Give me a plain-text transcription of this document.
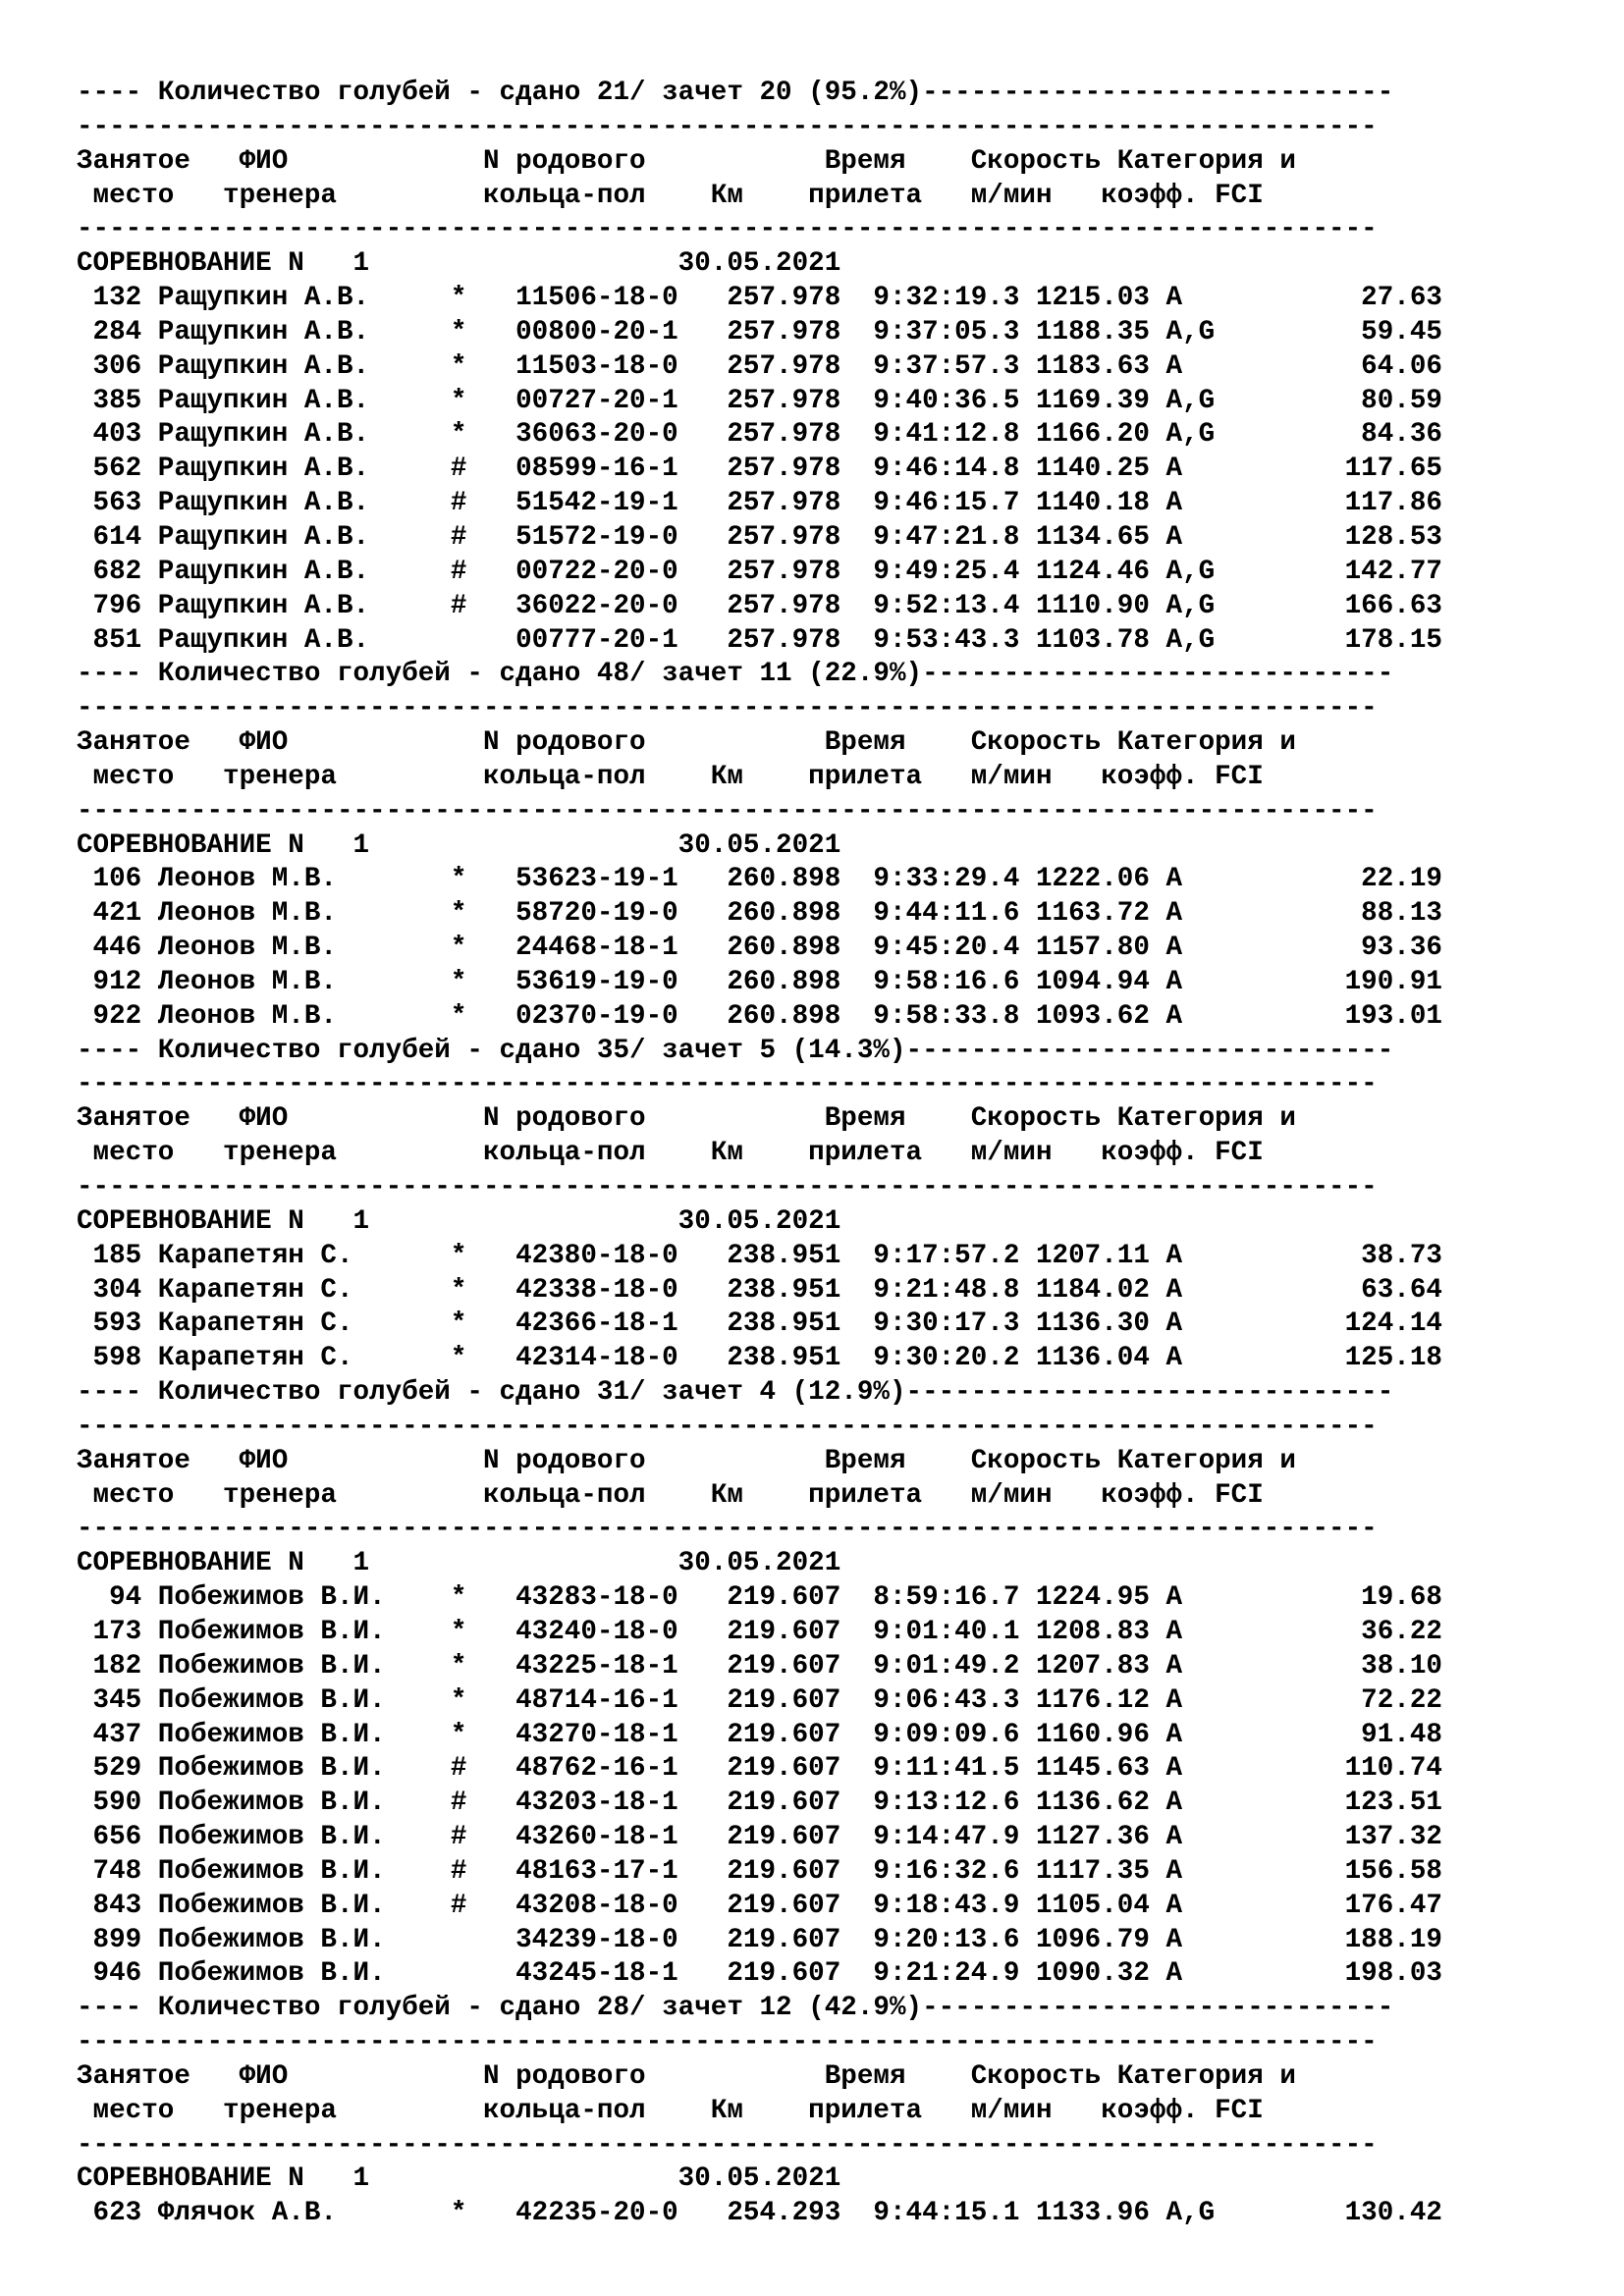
---- Количество голубей - сдано 21/ зачет 20 (95.2%)-----------------------------
--------------------------------------------------------------------------------
Занятое   ФИО            N родового           Время    Скорость Категория и
место   тренера         кольца-пол    Км    прилета   м/мин   коэфф. FCI
--------------------------------------------------------------------------------
СОРЕВНОВАНИЕ N   1                   30.05.2021
132 Ращупкин А.В.     *   11506-18-0   257.978  9:32:19.3 1215.03 A           27.63
284 Ращупкин А.В.     *   00800-20-1   257.978  9:37:05.3 1188.35 A,G         59.45
306 Ращупкин А.В.     *   11503-18-0   257.978  9:37:57.3 1183.63 A           64.06
385 Ращупкин А.В.     *   00727-20-1   257.978  9:40:36.5 1169.39 A,G         80.59
403 Ращупкин А.В.     *   36063-20-0   257.978  9:41:12.8 1166.20 A,G         84.36
562 Ращупкин А.В.     #   08599-16-1   257.978  9:46:14.8 1140.25 A          117.65
563 Ращупкин А.В.     #   51542-19-1   257.978  9:46:15.7 1140.18 A          117.86
614 Ращупкин А.В.     #   51572-19-0   257.978  9:47:21.8 1134.65 A          128.53
682 Ращупкин А.В.     #   00722-20-0   257.978  9:49:25.4 1124.46 A,G        142.77
796 Ращупкин А.В.     #   36022-20-0   257.978  9:52:13.4 1110.90 A,G        166.63
851 Ращупкин А.В.         00777-20-1   257.978  9:53:43.3 1103.78 A,G        178.15
---- Количество голубей - сдано 48/ зачет 11 (22.9%)-----------------------------
--------------------------------------------------------------------------------
Занятое   ФИО            N родового           Время    Скорость Категория и
место   тренера         кольца-пол    Км    прилета   м/мин   коэфф. FCI
--------------------------------------------------------------------------------
СОРЕВНОВАНИЕ N   1                   30.05.2021
106 Леонов М.В.       *   53623-19-1   260.898  9:33:29.4 1222.06 A           22.19
421 Леонов М.В.       *   58720-19-0   260.898  9:44:11.6 1163.72 A           88.13
446 Леонов М.В.       *   24468-18-1   260.898  9:45:20.4 1157.80 A           93.36
912 Леонов М.В.       *   53619-19-0   260.898  9:58:16.6 1094.94 A          190.91
922 Леонов М.В.       *   02370-19-0   260.898  9:58:33.8 1093.62 A          193.01
---- Количество голубей - сдано 35/ зачет 5 (14.3%)------------------------------
--------------------------------------------------------------------------------
Занятое   ФИО            N родового           Время    Скорость Категория и
место   тренера         кольца-пол    Км    прилета   м/мин   коэфф. FCI
--------------------------------------------------------------------------------
СОРЕВНОВАНИЕ N   1                   30.05.2021
185 Карапетян С.      *   42380-18-0   238.951  9:17:57.2 1207.11 A           38.73
304 Карапетян С.      *   42338-18-0   238.951  9:21:48.8 1184.02 A           63.64
593 Карапетян С.      *   42366-18-1   238.951  9:30:17.3 1136.30 A          124.14
598 Карапетян С.      *   42314-18-0   238.951  9:30:20.2 1136.04 A          125.18
---- Количество голубей - сдано 31/ зачет 4 (12.9%)------------------------------
--------------------------------------------------------------------------------
Занятое   ФИО            N родового           Время    Скорость Категория и
место   тренера         кольца-пол    Км    прилета   м/мин   коэфф. FCI
--------------------------------------------------------------------------------
СОРЕВНОВАНИЕ N   1                   30.05.2021
94 Побежимов В.И.    *   43283-18-0   219.607  8:59:16.7 1224.95 A           19.68
173 Побежимов В.И.    *   43240-18-0   219.607  9:01:40.1 1208.83 A           36.22
182 Побежимов В.И.    *   43225-18-1   219.607  9:01:49.2 1207.83 A           38.10
345 Побежимов В.И.    *   48714-16-1   219.607  9:06:43.3 1176.12 A           72.22
437 Побежимов В.И.    *   43270-18-1   219.607  9:09:09.6 1160.96 A           91.48
529 Побежимов В.И.    #   48762-16-1   219.607  9:11:41.5 1145.63 A          110.74
590 Побежимов В.И.    #   43203-18-1   219.607  9:13:12.6 1136.62 A          123.51
656 Побежимов В.И.    #   43260-18-1   219.607  9:14:47.9 1127.36 A          137.32
748 Побежимов В.И.    #   48163-17-1   219.607  9:16:32.6 1117.35 A          156.58
843 Побежимов В.И.    #   43208-18-0   219.607  9:18:43.9 1105.04 A          176.47
899 Побежимов В.И.        34239-18-0   219.607  9:20:13.6 1096.79 A          188.19
946 Побежимов В.И.        43245-18-1   219.607  9:21:24.9 1090.32 A          198.03
---- Количество голубей - сдано 28/ зачет 12 (42.9%)-----------------------------
--------------------------------------------------------------------------------
Занятое   ФИО            N родового           Время    Скорость Категория и
место   тренера         кольца-пол    Км    прилета   м/мин   коэфф. FCI
--------------------------------------------------------------------------------
СОРЕВНОВАНИЕ N   1                   30.05.2021
623 Флячок А.В.       *   42235-20-0   254.293  9:44:15.1 1133.96 A,G        130.42
